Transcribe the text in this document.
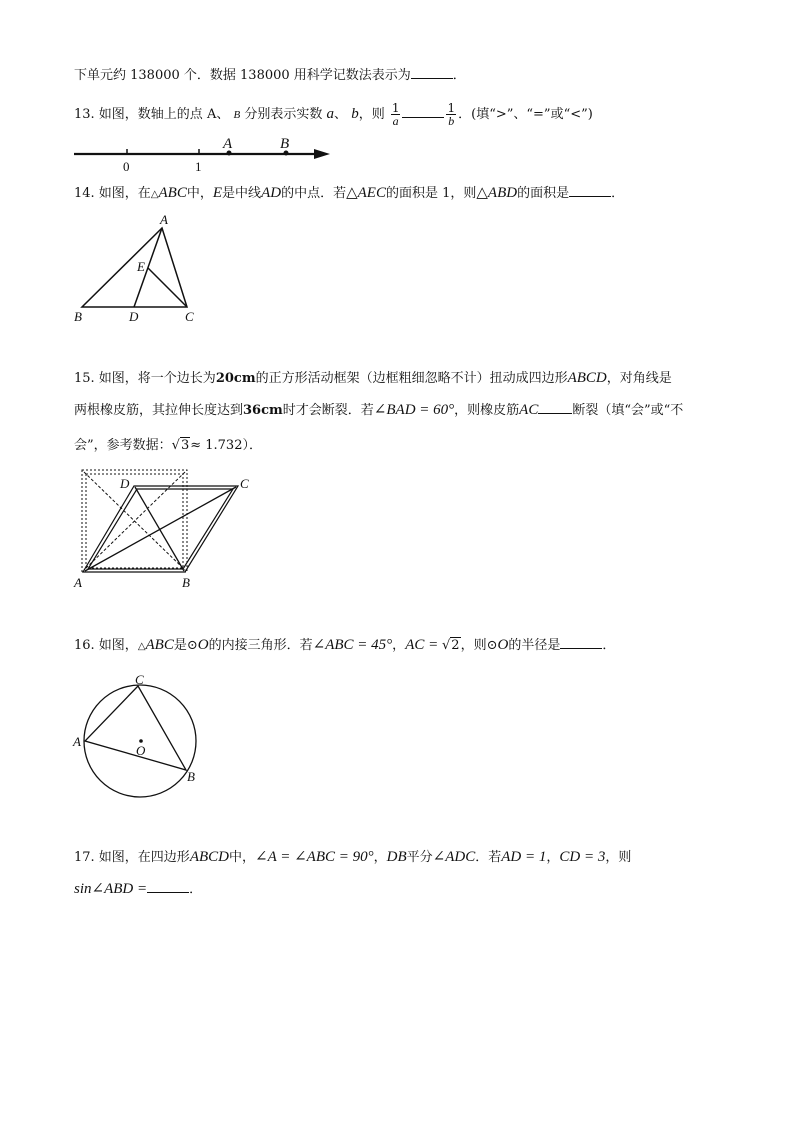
下单元约 138000 个．数据 138000 用科学记数法表示为	．
13. 如图，数轴上的点 A、 B 分别表示实数 a、 b，则 $\frac{1}{a}$	$\frac{1}{b}$ ．(填“>”、“=”或“<”)
0	1
A	B
14. 如图，在△ABC中，E是中线AD的中点．若△AEC的面积是 1，则△ABD的面积是	．
A
B	C
D
E
15. 如图，将一个边长为20cm的正方形活动框架（边框粗细忽略不计）扭动成四边形ABCD，对角线是
两根橡皮筋，其拉伸长度达到36cm时才会断裂．若∠BAD = 60°，则橡皮筋AC	断裂（填“会”或“不
会”，参考数据：√3≈ 1.732）．
A	B
C
D
16. 如图，△ABC是⊙O的内接三角形．若∠ABC = 45°，AC = √2，则⊙O的半径是	．
C
A
B
O
17. 如图，在四边形ABCD中，∠A = ∠ABC = 90°，DB平分∠ADC．若AD = 1，CD = 3，则
sin∠ABD =	．
